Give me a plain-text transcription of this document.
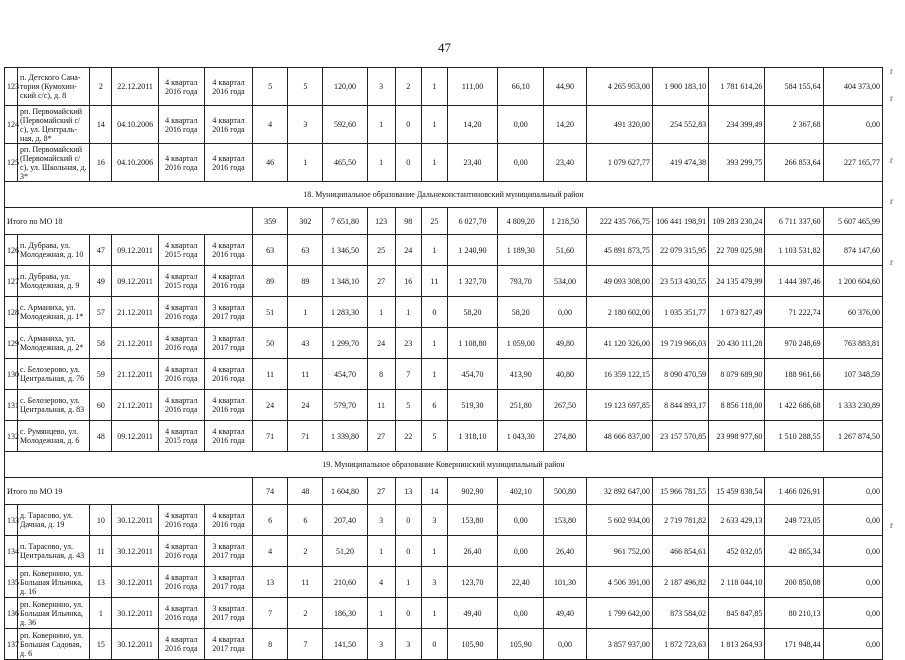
47
r
r
r
r
r
r
123	п. Детского Сана-тория (Кумохин-ский с/с), д. 8	2	22.12.2011	4 квартал 2016 года	4 квартал 2016 года	5	5	120,00	3	2	1	111,00	66,10	44,90	4 265 953,00	1 900 183,10	1 781 614,26	584 155,64	404 373,00
124	рп. Первомайский (Первомайский с/с), ул. Централь-ная, д. 8*	14	04.10.2006	4 квартал 2016 года	4 квартал 2016 года	4	3	592,60	1	0	1	14,20	0,00	14,20	491 320,00	254 552,83	234 399,49	2 367,68	0,00
125	рп. Первомайский (Первомайский с/с), ул. Школьная, д. 3*	16	04.10.2006	4 квартал 2016 года	4 квартал 2016 года	46	1	465,50	1	0	1	23,40	0,00	23,40	1 079 627,77	419 474,38	393 299,75	266 853,64	227 165,77
18. Муниципальное образование Дальнеконстантиновский муниципальный район																			
Итого по МО 18						359	302	7 651,80	123	98	25	6 027,70	4 809,20	1 218,50	222 435 766,75	106 441 198,91	109 283 230,24	6 711 337,60	5 607 465,99
126	п. Дубрава, ул. Молодежная, д. 10	47	09.12.2011	4 квартал 2015 года	4 квартал 2016 года	63	63	1 346,50	25	24	1	1 240,90	1 189,30	51,60	45 891 873,75	22 079 315,95	22 709 025,98	1 103 531,82	874 147,60
127	п. Дубрава, ул. Молодежная, д. 9	49	09.12.2011	4 квартал 2015 года	4 квартал 2016 года	89	89	1 348,10	27	16	11	1 327,70	793,70	534,00	49 093 308,00	23 513 430,55	24 135 479,99	1 444 397,46	1 200 604,60
128	с. Арманиха, ул. Молодежная, д. 1*	57	21.12.2011	4 квартал 2016 года	3 квартал 2017 года	51	1	1 283,30	1	1	0	58,20	58,20	0,00	2 180 602,00	1 035 351,77	1 073 827,49	71 222,74	60 376,00
129	с. Арманиха, ул. Молодежная, д. 2*	58	21.12.2011	4 квартал 2016 года	3 квартал 2017 года	50	43	1 299,70	24	23	1	1 108,80	1 059,00	49,80	41 120 326,00	19 719 966,03	20 430 111,28	970 248,69	763 883,81
130	с. Белозерово, ул. Центральная, д. 76	59	21.12.2011	4 квартал 2016 года	4 квартал 2016 года	11	11	454,70	8	7	1	454,70	413,90	40,80	16 359 122,15	8 090 470,59	8 079 689,90	188 961,66	107 348,59
131	с. Белозерово, ул. Центральная, д. 83	60	21.12.2011	4 квартал 2016 года	4 квартал 2016 года	24	24	579,70	11	5	6	519,30	251,80	267,50	19 123 697,85	8 844 893,17	8 856 118,00	1 422 686,68	1 333 230,89
132	с. Румянцево, ул. Молодежная, д. 6	48	09.12.2011	4 квартал 2015 года	4 квартал 2016 года	71	71	1 339,80	27	22	5	1 318,10	1 043,30	274,80	48 666 837,00	23 157 570,85	23 998 977,60	1 510 288,55	1 267 874,50
19. Муниципальное образование Ковернинский муниципальный район																			
Итого по МО 19						74	48	1 604,80	27	13	14	902,90	402,10	500,80	32 892 647,00	15 966 781,55	15 459 838,54	1 466 026,91	0,00
133	д. Тарасово, ул. Дачная, д. 19	10	30.12.2011	4 квартал 2016 года	4 квартал 2016 года	6	6	207,40	3	0	3	153,80	0,00	153,80	5 602 934,00	2 719 781,82	2 633 429,13	249 723,05	0,00
134	п. Тарасово, ул. Центральная, д. 43	11	30.12.2011	4 квартал 2016 года	3 квартал 2017 года	4	2	51,20	1	0	1	26,40	0,00	26,40	961 752,00	466 854,61	452 032,05	42 865,34	0,00
135	рп. Ковернино, ул. Большая Ильинка, д. 16	13	30.12.2011	4 квартал 2016 года	3 квартал 2017 года	13	11	210,60	4	1	3	123,70	22,40	101,30	4 506 391,00	2 187 496,82	2 118 044,10	200 850,08	0,00
136	рп. Ковернино, ул. Большая Ильинка, д. 36	1	30.12.2011	4 квартал 2016 года	3 квартал 2017 года	7	2	186,30	1	0	1	49,40	0,00	49,40	1 799 642,00	873 584,02	845 847,85	80 210,13	0,00
137	рп. Ковернино, ул. Большая Садовая, д. 6	15	30.12.2011	4 квартал 2016 года	4 квартал 2017 года	8	7	141,50	3	3	0	105,90	105,90	0,00	3 857 937,00	1 872 723,63	1 813 264,93	171 948,44	0,00
